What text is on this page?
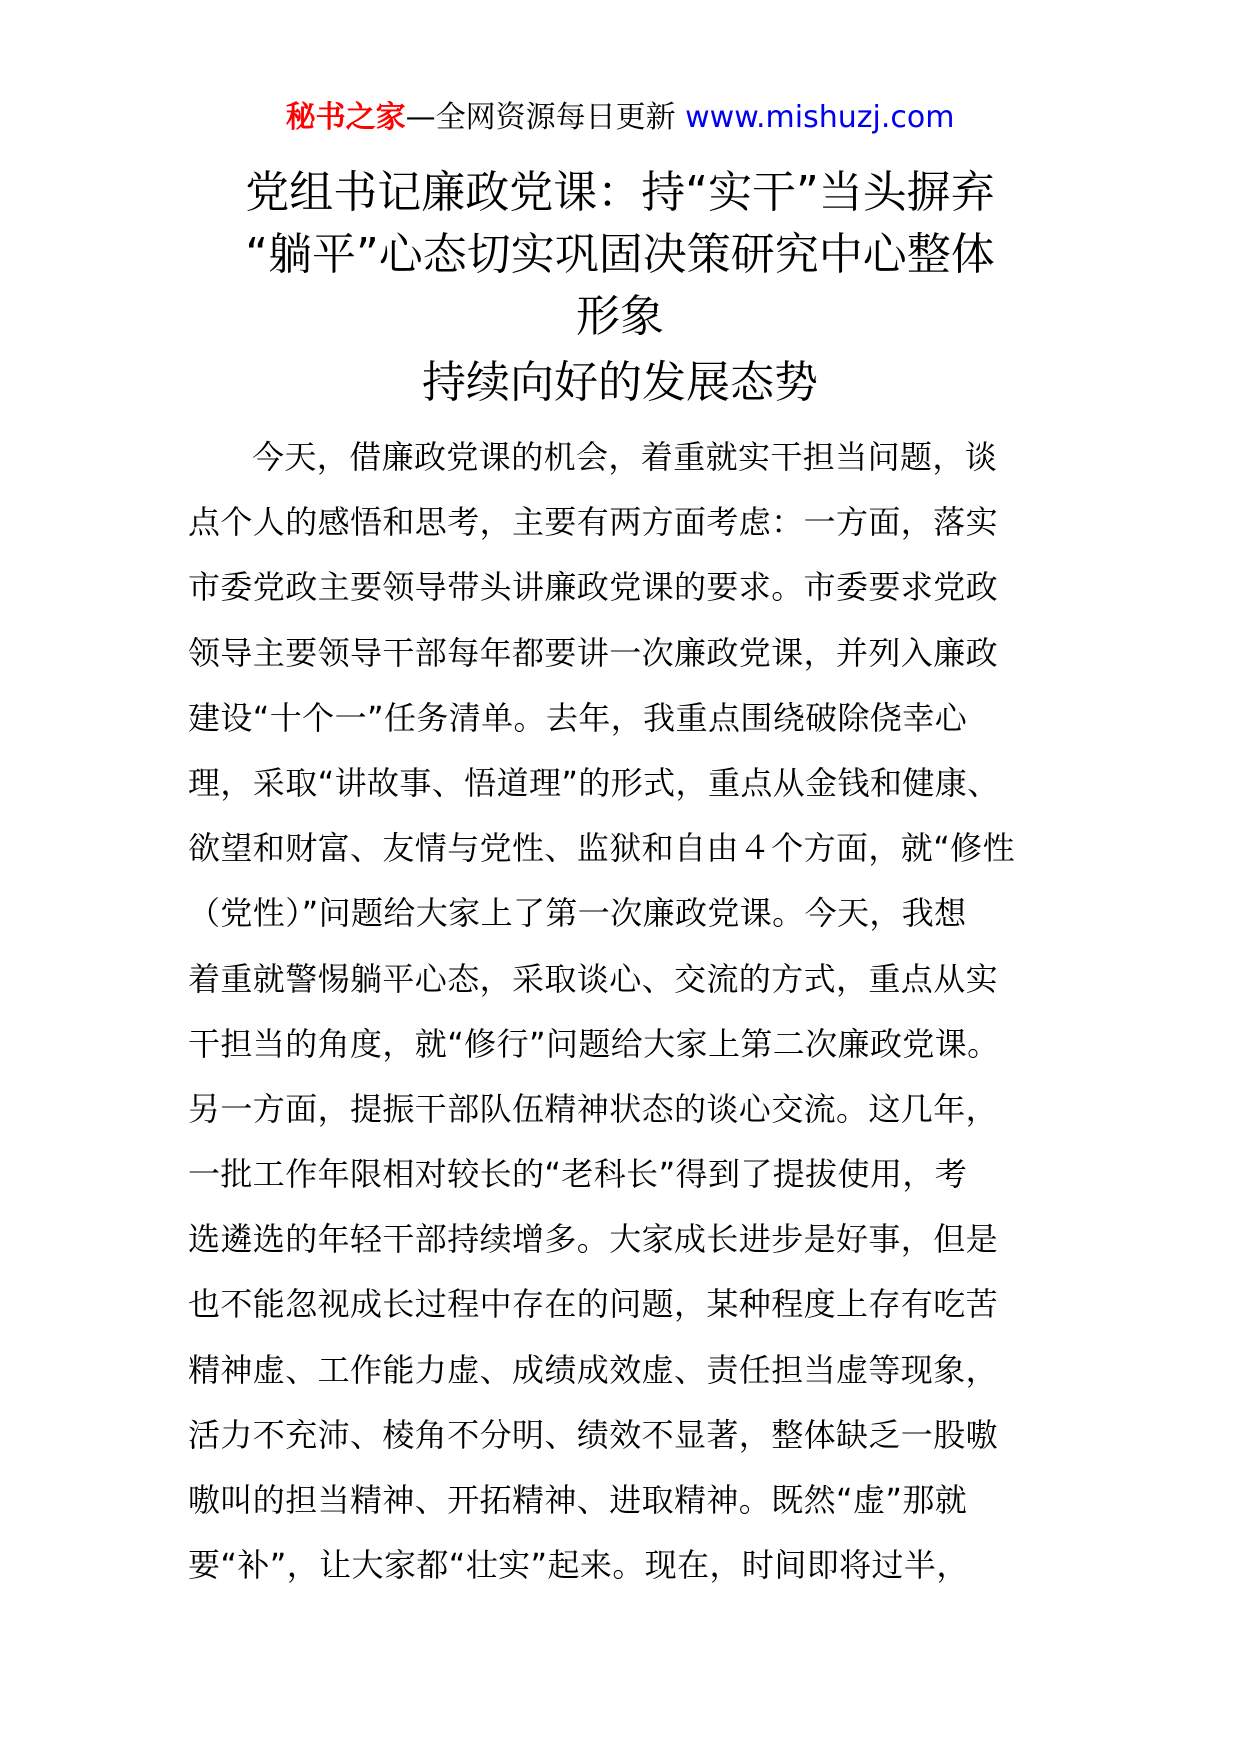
秘书之家—全网资源每日更新 www.mishuzj.com
党组书记廉政党课：持“实干”当头摒弃
“躺平”心态切实巩固决策研究中心整体
形象
持续向好的发展态势
今天，借廉政党课的机会，着重就实干担当问题，谈
点个人的感悟和思考，主要有两方面考虑：一方面，落实
市委党政主要领导带头讲廉政党课的要求。市委要求党政
领导主要领导干部每年都要讲一次廉政党课，并列入廉政
建设“十个一”任务清单。去年，我重点围绕破除侥幸心
理，采取“讲故事、悟道理”的形式，重点从金钱和健康、
欲望和财富、友情与党性、监狱和自由４个方面，就“修性
（党性）”问题给大家上了第一次廉政党课。今天，我想
着重就警惕躺平心态，采取谈心、交流的方式，重点从实
干担当的角度，就“修行”问题给大家上第二次廉政党课。
另一方面，提振干部队伍精神状态的谈心交流。这几年，
一批工作年限相对较长的“老科长”得到了提拔使用，考
选遴选的年轻干部持续增多。大家成长进步是好事，但是
也不能忽视成长过程中存在的问题，某种程度上存有吃苦
精神虚、工作能力虚、成绩成效虚、责任担当虚等现象，
活力不充沛、棱角不分明、绩效不显著，整体缺乏一股嗷
嗷叫的担当精神、开拓精神、进取精神。既然“虚”那就
要“补”，让大家都“壮实”起来。现在，时间即将过半，
